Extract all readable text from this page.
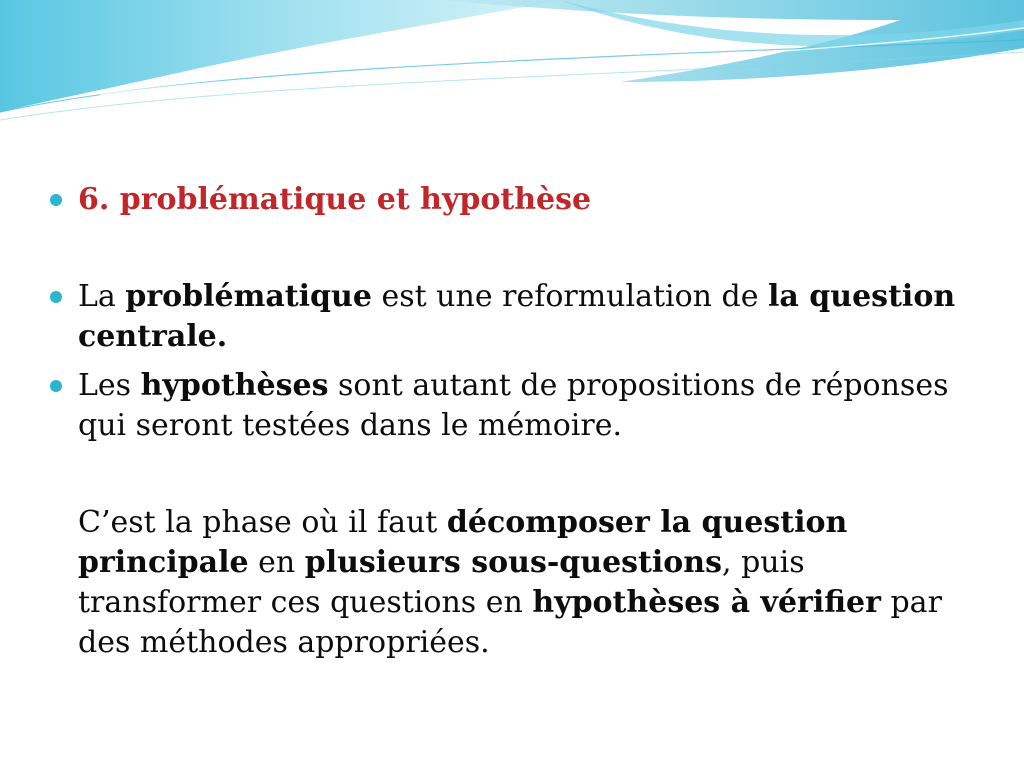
6. problématique et hypothèse
La problématique est une reformulation de la question centrale.
Les hypothèses sont autant de propositions de réponses qui seront testées dans le mémoire.
C’est la phase où il faut décomposer la question principale en plusieurs sous-questions, puis transformer ces questions en hypothèses à vérifier par des méthodes appropriées.
